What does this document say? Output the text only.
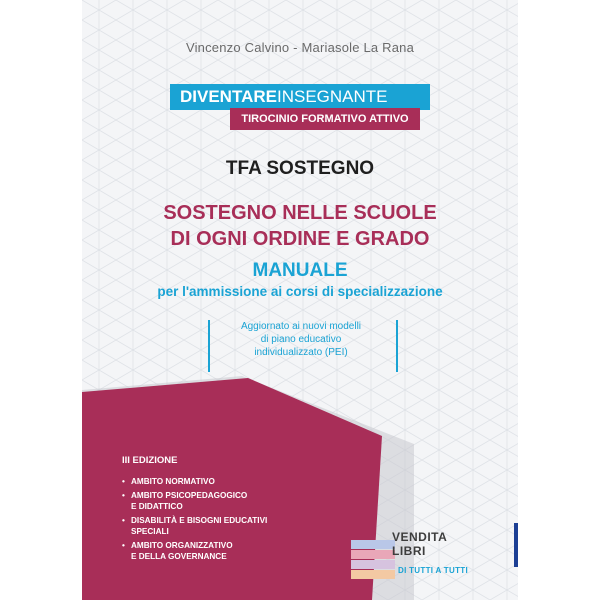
Vincenzo Calvino - Mariasole La Rana
DIVENTAREINSEGNANTE
TIROCINIO FORMATIVO ATTIVO
TFA SOSTEGNO
SOSTEGNO NELLE SCUOLE
DI OGNI ORDINE E GRADO
MANUALE
per l'ammissione ai corsi di specializzazione
Aggiornato ai nuovi modelli
di piano educativo
individualizzato (PEI)
III EDIZIONE
• AMBITO NORMATIVO
• AMBITO PSICOPEDAGOGICO
E DIDATTICO
• DISABILITÀ E BISOGNI EDUCATIVI
SPECIALI
• AMBITO ORGANIZZATIVO
E DELLA GOVERNANCE
VENDITA
LIBRI
DI TUTTI A TUTTI
